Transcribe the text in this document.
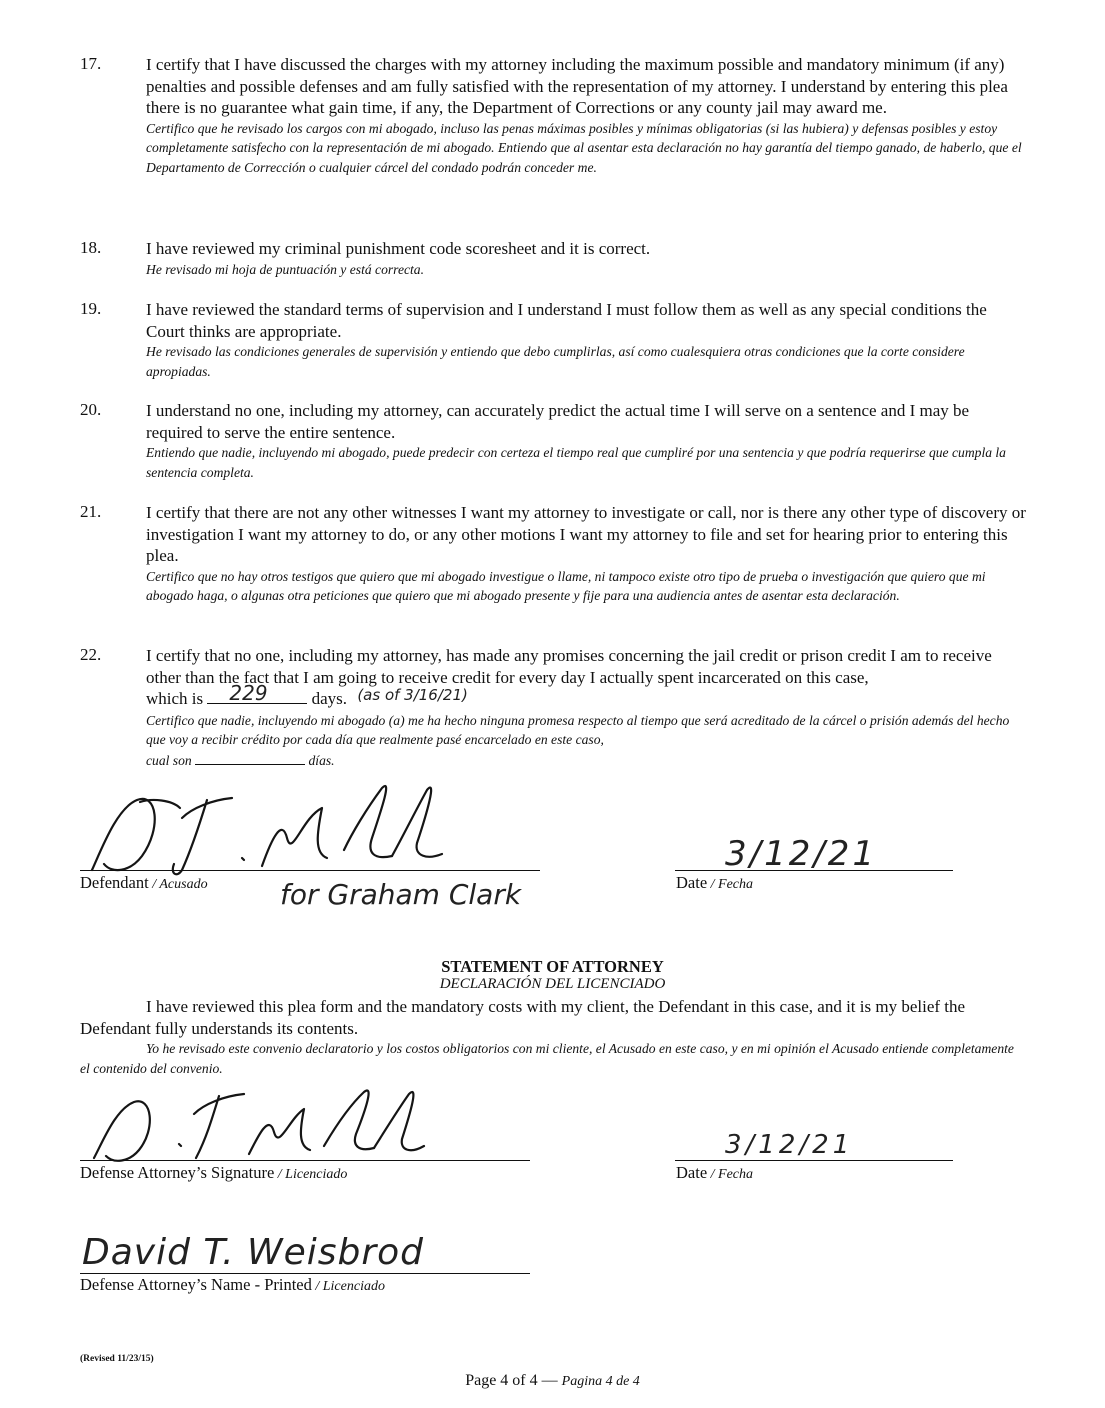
17.	I certify that I have discussed the charges with my attorney including the maximum possible and mandatory minimum (if any) penalties and possible defenses and am fully satisfied with the representation of my attorney. I understand by entering this plea there is no guarantee what gain time, if any, the Department of Corrections or any county jail may award me.

Certifico que he revisado los cargos con mi abogado, incluso las penas máximas posibles y mínimas obligatorias (si las hubiera) y defensas posibles y estoy completamente satisfecho con la representación de mi abogado. Entiendo que al asentar esta declaración no hay garantía del tiempo ganado, de haberlo, que el Departamento de Corrección o cualquier cárcel del condado podrán conceder me.

18.	I have reviewed my criminal punishment code scoresheet and it is correct.

He revisado mi hoja de puntuación y está correcta.

19.	I have reviewed the standard terms of supervision and I understand I must follow them as well as any special conditions the Court thinks are appropriate.

He revisado las condiciones generales de supervisión y entiendo que debo cumplirlas, así como cualesquiera otras condiciones que la corte considere apropiadas.

20.	I understand no one, including my attorney, can accurately predict the actual time I will serve on a sentence and I may be required to serve the entire sentence.

Entiendo que nadie, incluyendo mi abogado, puede predecir con certeza el tiempo real que cumpliré por una sentencia y que podría requerirse que cumpla la sentencia completa.

21.	I certify that there are not any other witnesses I want my attorney to investigate or call, nor is there any other type of discovery or investigation I want my attorney to do, or any other motions I want my attorney to file and set for hearing prior to entering this plea.

Certifico que no hay otros testigos que quiero que mi abogado investigue o llame, ni tampoco existe otro tipo de prueba o investigación que quiero que mi abogado haga, o algunas otra peticiones que quiero que mi abogado presente y fije para una audiencia antes de asentar esta declaración.

22.	I certify that no one, including my attorney, has made any promises concerning the jail credit or prison credit I am to receive other than the fact that I am going to receive credit for every day I actually spent incarcerated on this case,
which is 229	days. (as of 3/16/21)

Certifico que nadie, incluyendo mi abogado (a) me ha hecho ninguna promesa respecto al tiempo que será acreditado de la cárcel o prisión además del hecho que voy a recibir crédito por cada día que realmente pasé encarcelado en este caso,
cual son	días.

Defendant / Acusado	for Graham Clark
3/12/21
Date / Fecha
STATEMENT OF ATTORNEY
DECLARACIÓN DEL LICENCIADO

I have reviewed this plea form and the mandatory costs with my client, the Defendant in this case, and it is my belief the Defendant fully understands its contents.

Yo he revisado este convenio declaratorio y los costos obligatorios con mi cliente, el Acusado en este caso, y en mi opinión el Acusado entiende completamente el contenido del convenio.

Defense Attorney’s Signature / Licenciado
3/12/21
Date / Fecha
David T. Weisbrod
Defense Attorney’s Name - Printed / Licenciado
(Revised 11/23/15)
Page 4 of 4 — Pagina 4 de 4
